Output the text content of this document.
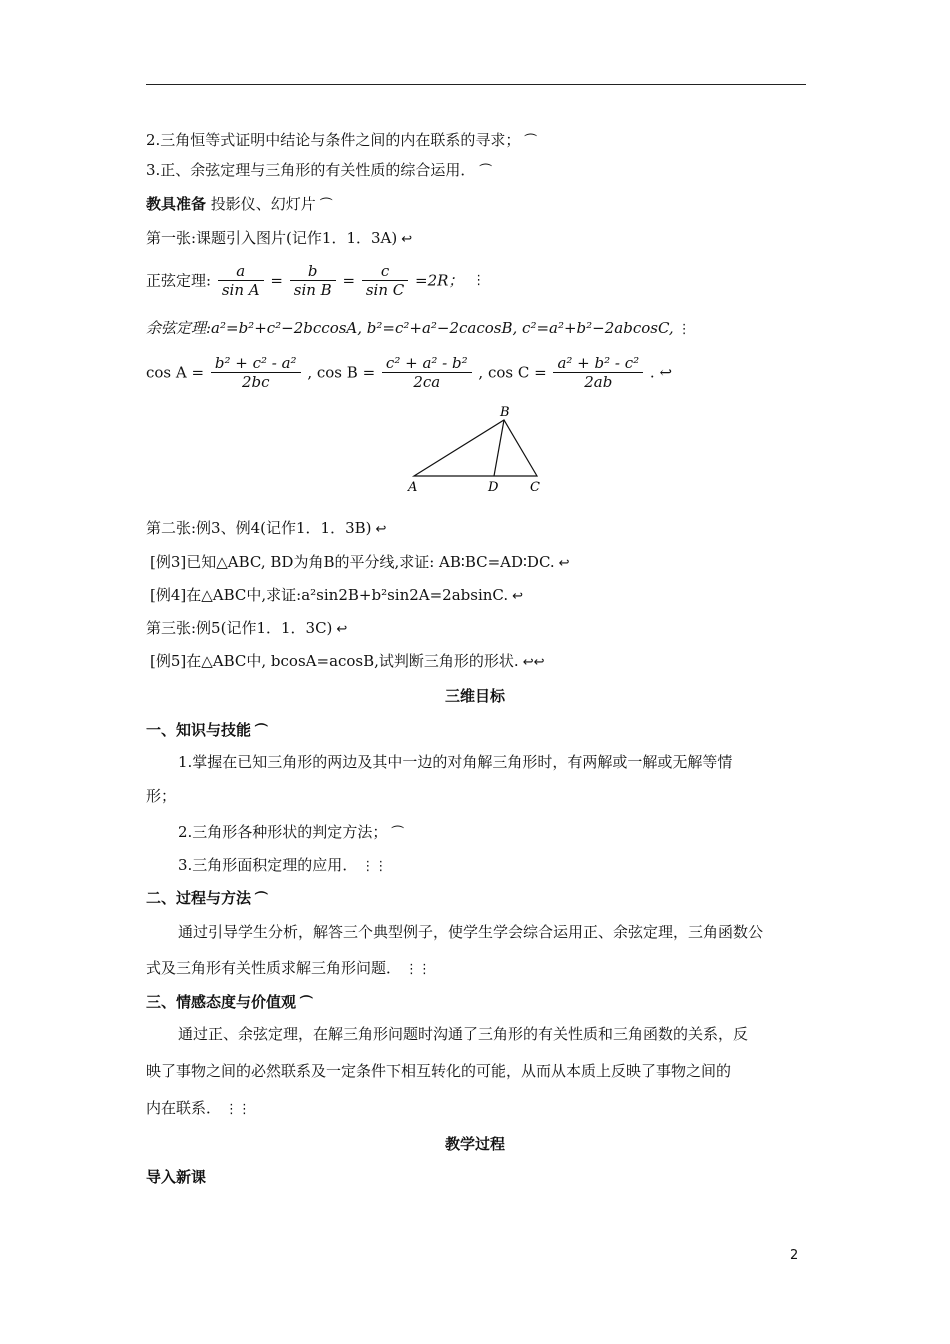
2.三角恒等式证明中结论与条件之间的内在联系的寻求； ⏜
3.正、余弦定理与三角形的有关性质的综合运用． ⏜
教具准备 投影仪、幻灯片 ⏜
第一张:课题引入图片(记作1．1．3A) ↩
正弦定理: $\frac{a}{\text{sin A}} = \frac{b}{\text{sin B}} = \frac{c}{\text{sin C}} =2R$； ⋮
余弦定理:a²=b²+c²−2bccosA, b²=c²+a²−2cacosB, c²=a²+b²−2abcosC, ⋮
$\cos A = \frac{\text{b² + c² - a²}}{2bc}$ , $\cos B = \frac{\text{c² + a² - b²}}{2ca}$ , $\cos C = \frac{\text{a² + b² - c²}}{2ab}$ . ↩
A
B
C
D
第二张:例3、例4(记作1．1．3B) ↩
[例3]已知△ABC, BD为角B的平分线,求证: AB∶BC=AD∶DC. ↩
[例4]在△ABC中,求证:a²sin2B+b²sin2A=2absinC. ↩
第三张:例5(记作1．1．3C) ↩
[例5]在△ABC中, bcosA=acosB,试判断三角形的形状. ↩↩
三维目标
一、知识与技能 ⏜
1.掌握在已知三角形的两边及其中一边的对角解三角形时，有两解或一解或无解等情
形；
2.三角形各种形状的判定方法； ⏜
3.三角形面积定理的应用． ⋮⋮
二、过程与方法 ⏜
通过引导学生分析，解答三个典型例子，使学生学会综合运用正、余弦定理，三角函数公
式及三角形有关性质求解三角形问题． ⋮⋮
三、情感态度与价值观 ⏜
通过正、余弦定理，在解三角形问题时沟通了三角形的有关性质和三角函数的关系，反
映了事物之间的必然联系及一定条件下相互转化的可能，从而从本质上反映了事物之间的
内在联系． ⋮⋮
教学过程
导入新课
2
